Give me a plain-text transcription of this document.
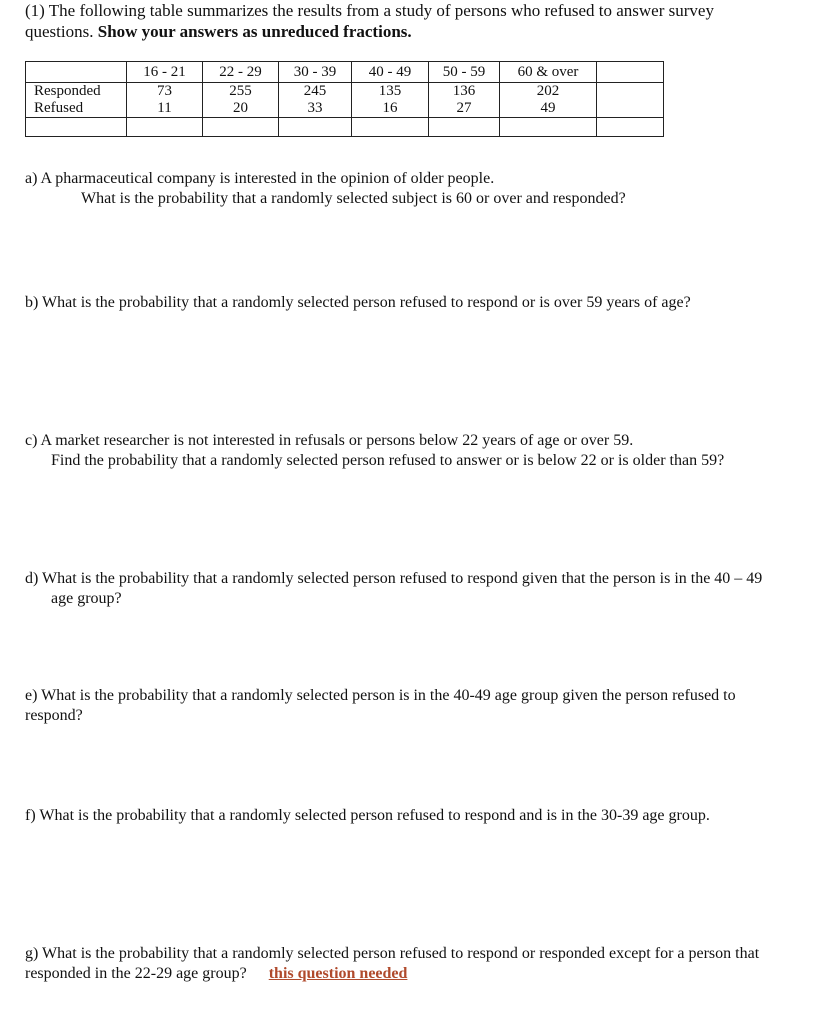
(1) The following table summarizes the results from a study of persons who refused to answer survey
questions. Show your answers as unreduced fractions.
	16 - 21	22 - 29	30 - 39	40 - 49	50 - 59	60 & over	
Responded	73	255	245	135	136	202	
Refused	11	20	33	16	27	49	

a) A pharmaceutical company is interested in the opinion of older people.
What is the probability that a randomly selected subject is 60 or over and responded?
b) What is the probability that a randomly selected person refused to respond or is over 59 years of age?
c) A market researcher is not interested in refusals or persons below 22 years of age or over 59.
Find the probability that a randomly selected person refused to answer or is below 22 or is older than 59?
d) What is the probability that a randomly selected person refused to respond given that the person is in the 40 – 49
age group?
e) What is the probability that a randomly selected person is in the 40-49 age group given the person refused to
respond?
f) What is the probability that a randomly selected person refused to respond and is in the 30-39 age group.
g) What is the probability that a randomly selected person refused to respond or responded except for a person that
responded in the 22-29 age group? this question needed
